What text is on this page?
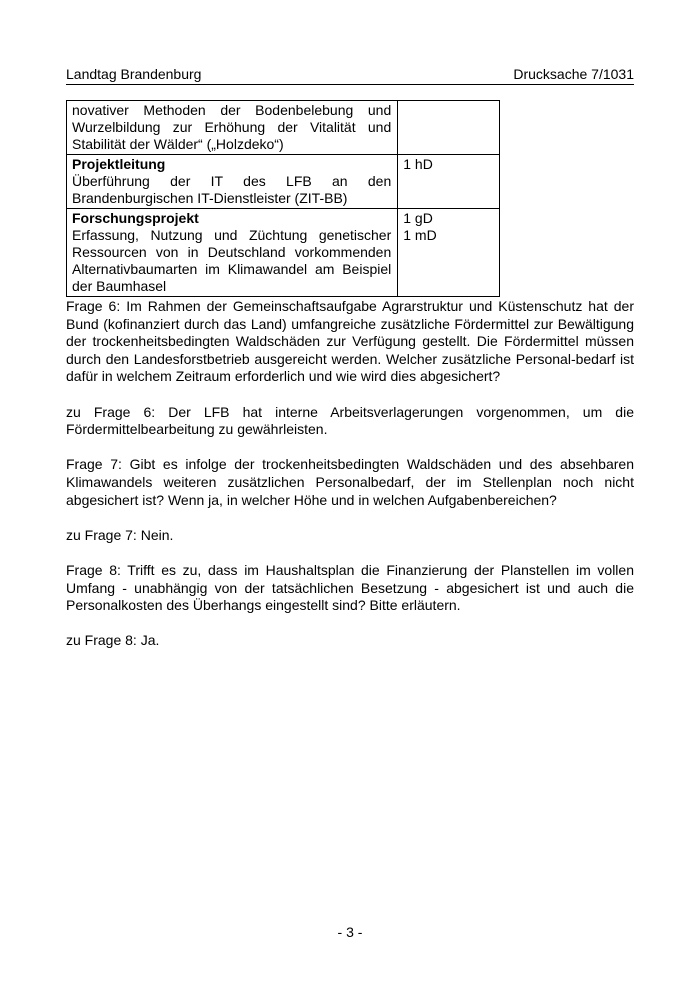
Landtag Brandenburg	Drucksache 7/1031
novativer Methoden der Bodenbelebung und Wurzelbildung zur Erhöhung der Vitalität und Stabilität der Wälder“ („Holzdeko“)	

Projektleitung
Überführung der IT des LFB an den Brandenburgischen IT-Dienstleister (ZIT-BB)	1 hD

Forschungsprojekt
Erfassung, Nutzung und Züchtung genetischer Ressourcen von in Deutschland vorkommenden Alternativbaumarten im Klimawandel am Beispiel der Baumhasel	1 gD
1 mD

Frage 6: Im Rahmen der Gemeinschaftsaufgabe Agrarstruktur und Küstenschutz hat der Bund (kofinanziert durch das Land) umfangreiche zusätzliche Fördermittel zur Bewältigung der trockenheitsbedingten Waldschäden zur Verfügung gestellt. Die Fördermittel müssen durch den Landesforstbetrieb ausgereicht werden. Welcher zusätzliche Personal-bedarf ist dafür in welchem Zeitraum erforderlich und wie wird dies abgesichert?

zu Frage 6: Der LFB hat interne Arbeitsverlagerungen vorgenommen, um die Fördermittelbearbeitung zu gewährleisten.

Frage 7: Gibt es infolge der trockenheitsbedingten Waldschäden und des absehbaren Klimawandels weiteren zusätzlichen Personalbedarf, der im Stellenplan noch nicht abgesichert ist? Wenn ja, in welcher Höhe und in welchen Aufgabenbereichen?

zu Frage 7: Nein.

Frage 8: Trifft es zu, dass im Haushaltsplan die Finanzierung der Planstellen im vollen Umfang - unabhängig von der tatsächlichen Besetzung - abgesichert ist und auch die Personalkosten des Überhangs eingestellt sind? Bitte erläutern.

zu Frage 8: Ja.

- 3 -
